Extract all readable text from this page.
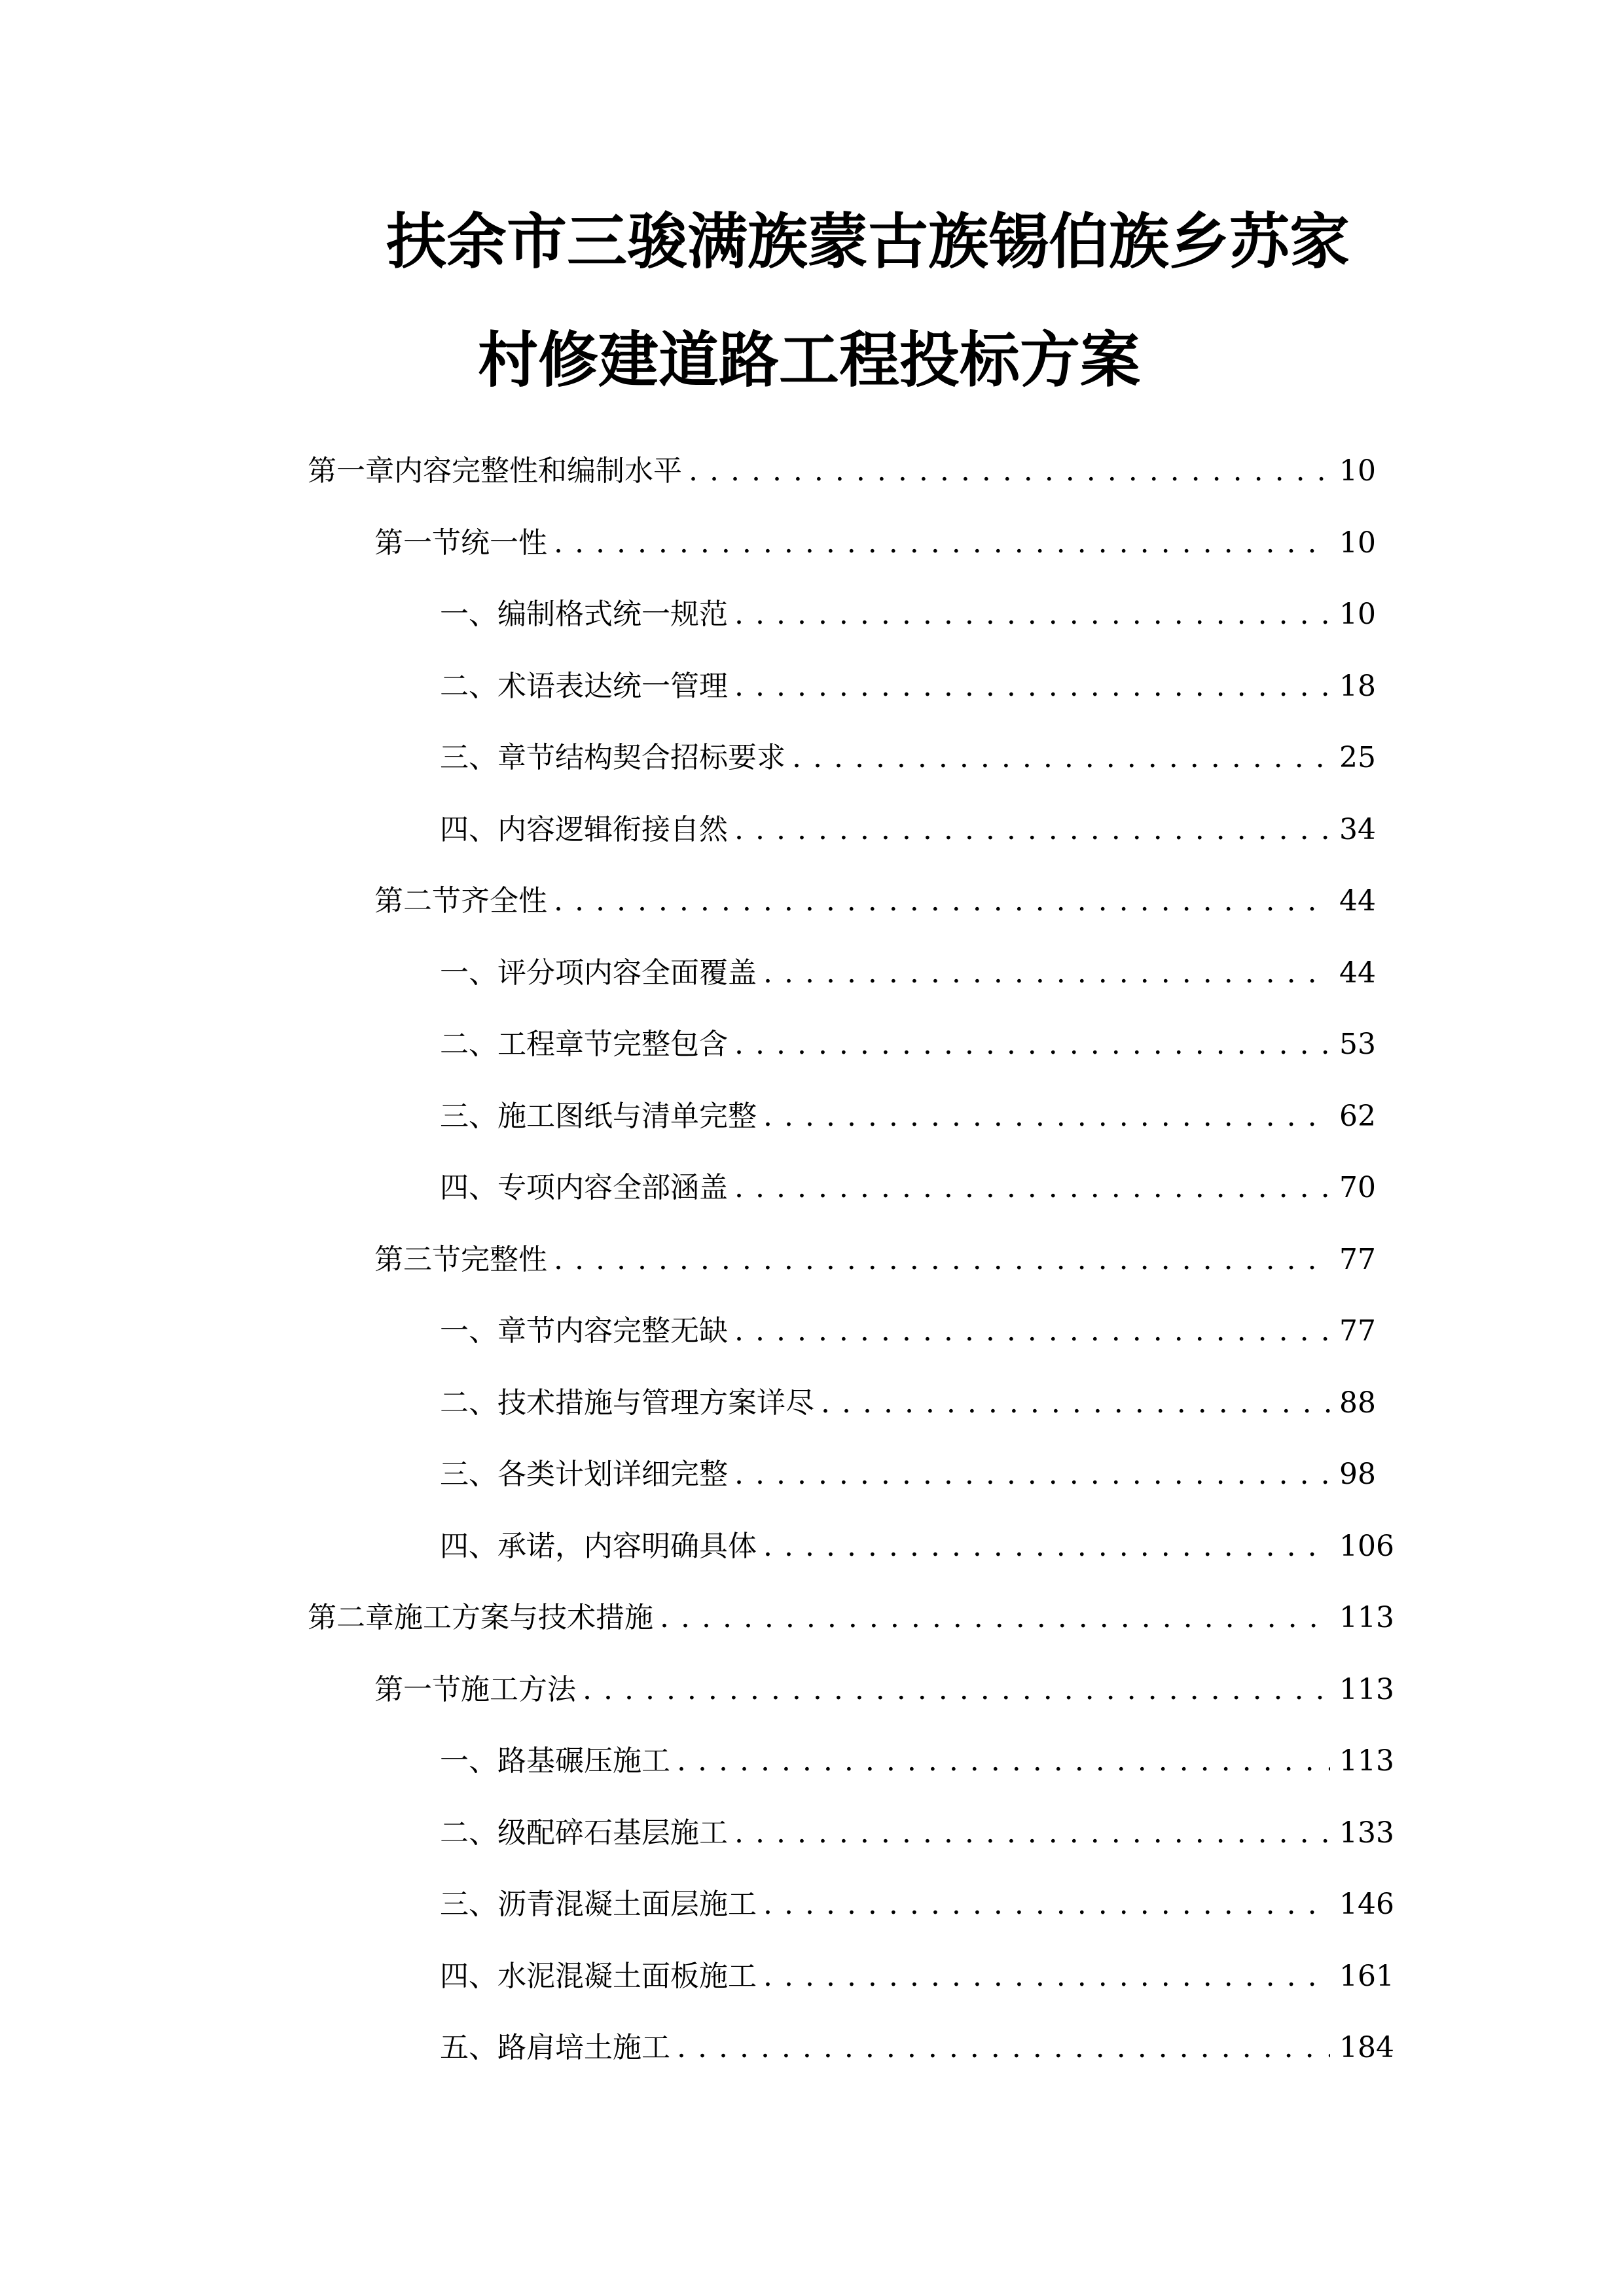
扶余市三骏满族蒙古族锡伯族乡苏家
村修建道路工程投标方案
第一章 内容完整性和编制水平 .....	10
第一节 统一性 .....	10
一、 编制格式统一规范 .....	10
二、 术语表达统一管理 .....	18
三、 章节结构契合招标要求 .....	25
四、 内容逻辑衔接自然 .....	34
第二节 齐全性 .....	44
一、 评分项内容全面覆盖 .....	44
二、 工程章节完整包含 .....	53
三、 施工图纸与清单完整 .....	62
四、 专项内容全部涵盖 .....	70
第三节 完整性 .....	77
一、 章节内容完整无缺 .....	77
二、 技术措施与管理方案详尽 .....	88
三、 各类计划详细完整 .....	98
四、 承诺，内容明确具体 .....	106
第二章 施工方案与技术措施 .....	113
第一节 施工方法 .....	113
一、 路基碾压施工 .....	113
二、 级配碎石基层施工 .....	133
三、 沥青混凝土面层施工 .....	146
四、 水泥混凝土面板施工 .....	161
五、 路肩培土施工 .....	184
